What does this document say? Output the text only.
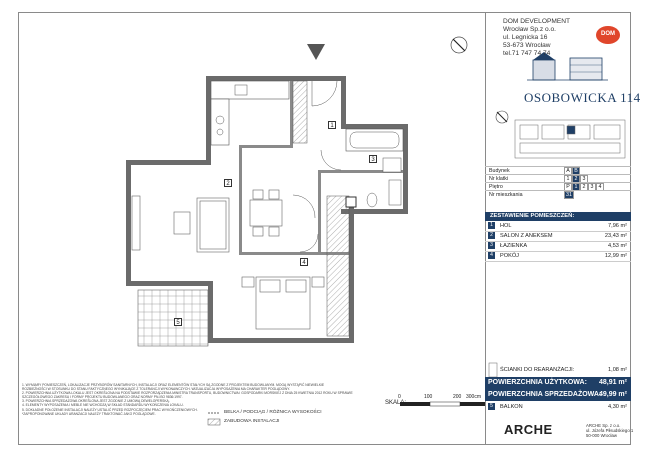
1
2
3
4
5
DOM DEVELOPMENT
Wrocław Sp.z o.o.
ul. Legnicka 16
53-673 Wrocław
tel.71 747 74 74
DOM
OSOBOWICKA 114
Budynek	A B
Nr klatki	1 2 3
Piętro	P 1 2 3 4
Nr mieszkania	31
ZESTAWIENIE POMIESZCZEŃ:
1	HOL	7,96 m²
2	SALON Z ANEKSEM	23,43 m²
3	ŁAZIENKA	4,53 m²
4	POKÓJ	12,99 m²
ŚCIANKI DO REARANŻACJI:	1,08 m²
POWIERZCHNIA UŻYTKOWA: 48,91 m²
POWIERZCHNIA SPRZEDAŻOWA:
49,99 m²
5	BALKON	4,30 m²
1. WYMIARY POMIESZCZEŃ, LOKALIZACJE PRZYBORÓW SANITARNYCH, INSTALACJI ORAZ ELEMENTÓW STAŁYCH SĄ ZGODNE Z PROJEKTEM BUDOWLANYM. MOGĄ WYSTĄPIĆ NIEWIELKIE
ROZBIEŻNOŚCI W STOSUNKU DO STANU FAKTYCZNEGO WYNIKAJĄCE Z TOLERANCJI WYKONAWCZYCH. WIZUALIZACJA WYPOSAŻENIA MA CHARAKTER POGLĄDOWY.
2. POWIERZCHNIA UŻYTKOWA LOKALU JEST OKREŚLONA NA PODSTAWIE ROZPORZĄDZENIA MINISTRA TRANSPORTU, BUDOWNICTWA I GOSPODARKI MORSKIEJ Z DNIA 25 KWIETNIA 2012 ROKU W SPRAWIE
SZCZEGÓŁOWEGO ZAKRESU I FORMY PROJEKTU BUDOWLANEGO ORAZ NORMY PN-ISO 9836:1997.
3. POWIERZCHNIA SPRZEDAŻOWA OKREŚLONA JEST ZGODNIE Z UMOWĄ DEWELOPERSKĄ.
4. ELEMENTY WYPOSAŻENIA I MEBLE NIE WCHODZĄ W SKŁAD STANDARDU WYKOŃCZENIA LOKALU.
5. DOKŁADNE POŁOŻENIE INSTALACJI NALEŻY USTALIĆ PRZED ROZPOCZĘCIEM PRAC WYKOŃCZENIOWYCH.
*ZAPROPONOWANE UKŁADY ARANŻACJI NALEŻY TRAKTOWAĆ JAKO POGLĄDOWE.
SKALA:
0	100	200 300cm
BELKA / PODCIĄG / RÓŻNICA WYSOKOŚCI
ZABUDOWA INSTALACJI
ARCHE	ARCHE Sp. z o.o.
ul. Józefa Piłsudskiego 1
50-000 Wrocław
